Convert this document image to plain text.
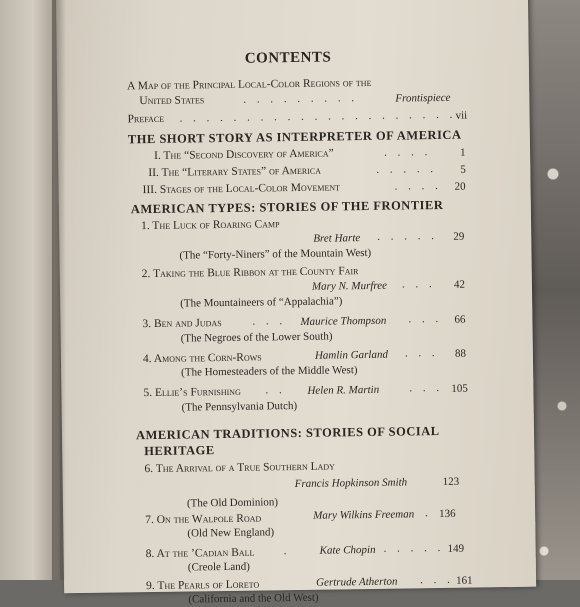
CONTENTS
A Map of the Principal Local-Color Regions of the
United States	. . . . . . . . .	Frontispiece
Preface . . . . . . . . . . . . . . . . . . . . . vii
THE SHORT STORY AS INTERPRETER OF AMERICA
I. The “Second Discovery of America”	. . . .	1
II. The “Literary States” of America	. . . . . 5
III. Stages of the Local-Color Movement	. . . . 20
AMERICAN TYPES: STORIES OF THE FRONTIER
1. The Luck of Roaring Camp
Bret Harte . . . . . 29
(The “Forty-Niners” of the Mountain West)
2. Taking the Blue Ribbon at the County Fair
Mary N. Murfree . . . 42
(The Mountaineers of “Appalachia”)
3. Ben and Judas	. . . Maurice Thompson . . . 66
(The Negroes of the Lower South)
4. Among the Corn-Rows	Hamlin Garland . . . 88
(The Homesteaders of the Middle West)
5. Ellie’s Furnishing . . Helen R. Martin	. . . 105
(The Pennsylvania Dutch)
AMERICAN TRADITIONS: STORIES OF SOCIAL
HERITAGE
6. The Arrival of a True Southern Lady
Francis Hopkinson Smith	123
(The Old Dominion)
7. On the Walpole Road	Mary Wilkins Freeman . 136
(Old New England)
8. At the ’Cadian Ball	.	Kate Chopin . . . . . 149
(Creole Land)
9. The Pearls of Loreto	Gertrude Atherton . . . 161
(California and the Old West)
